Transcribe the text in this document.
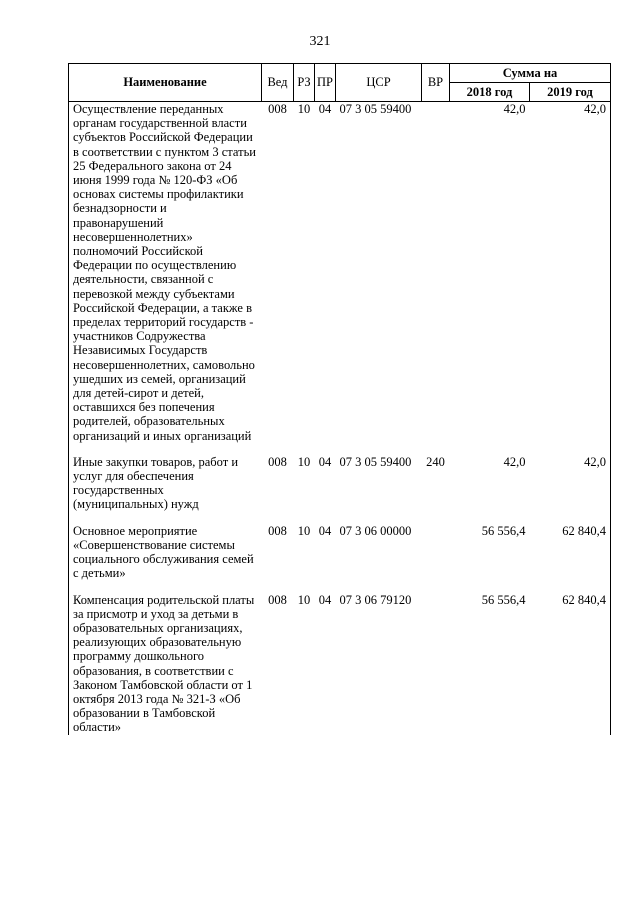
321
Наименование	Вед	РЗ	ПР	ЦСР	ВР	Сумма на	
						2018 год	2019 год
Осуществление переданных органам государственной власти субъектов Российской Федерации в соответствии с пунктом 3 статьи 25 Федерального закона от 24 июня 1999 года № 120-ФЗ «Об основах системы профилактики безнадзорности и правонарушений несовершеннолетних» полномочий Российской Федерации по осуществлению деятельности, связанной с перевозкой между субъектами Российской Федерации, а также в пределах территорий государств - участников Содружества Независимых Государств несовершеннолетних, самовольно ушедших из семей, организаций для детей-сирот и детей, оставшихся без попечения родителей, образовательных организаций и иных организаций	008	10	04	07 3 05 59400		42,0	42,0
Иные закупки товаров, работ и услуг для обеспечения государственных (муниципальных) нужд	008	10	04	07 3 05 59400	240	42,0	42,0
Основное мероприятие «Совершенствование системы социального обслуживания семей с детьми»	008	10	04	07 3 06 00000		56 556,4	62 840,4
Компенсация родительской платы за присмотр и уход за детьми в образовательных организациях, реализующих образовательную программу дошкольного образования, в соответствии с Законом Тамбовской области от 1 октября 2013 года № 321-З «Об образовании в Тамбовской области»	008	10	04	07 3 06 79120		56 556,4	62 840,4
